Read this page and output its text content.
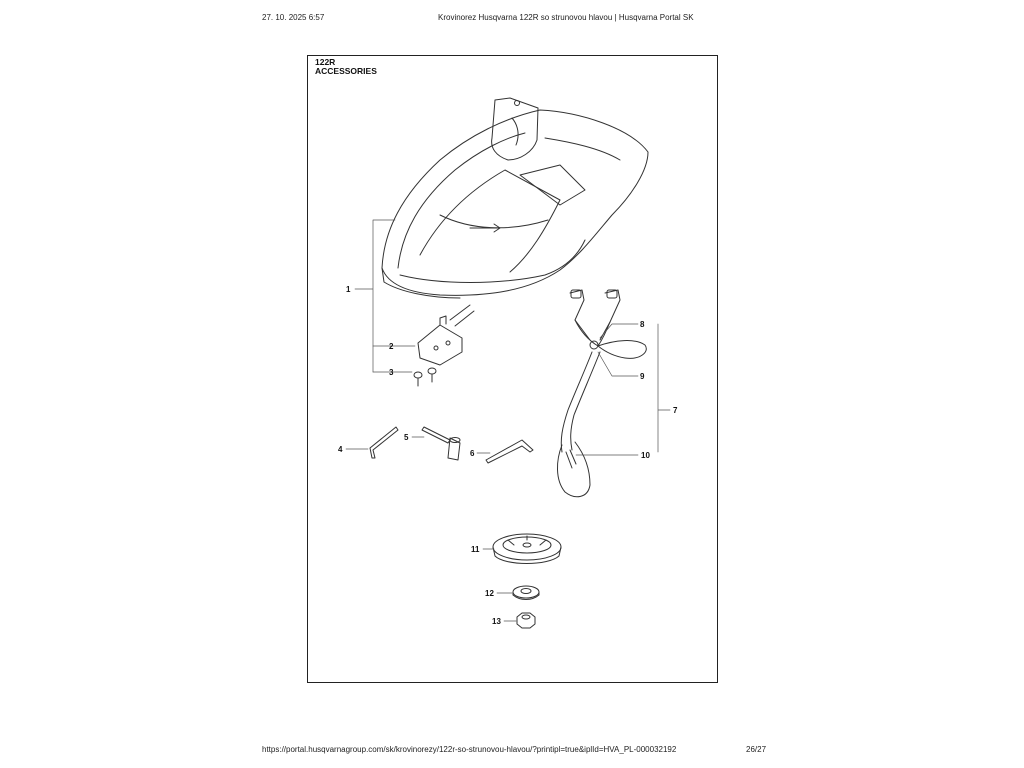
27. 10. 2025 6:57	Krovinorez Husqvarna 122R so strunovou hlavou | Husqvarna Portal SK
122R
ACCESSORIES
1
2
3
4
5
6
7
8
9
10
11
12
13
https://portal.husqvarnagroup.com/sk/krovinorezy/122r-so-strunovou-hlavou/?printipl=true&iplId=HVA_PL-000032192	26/27
